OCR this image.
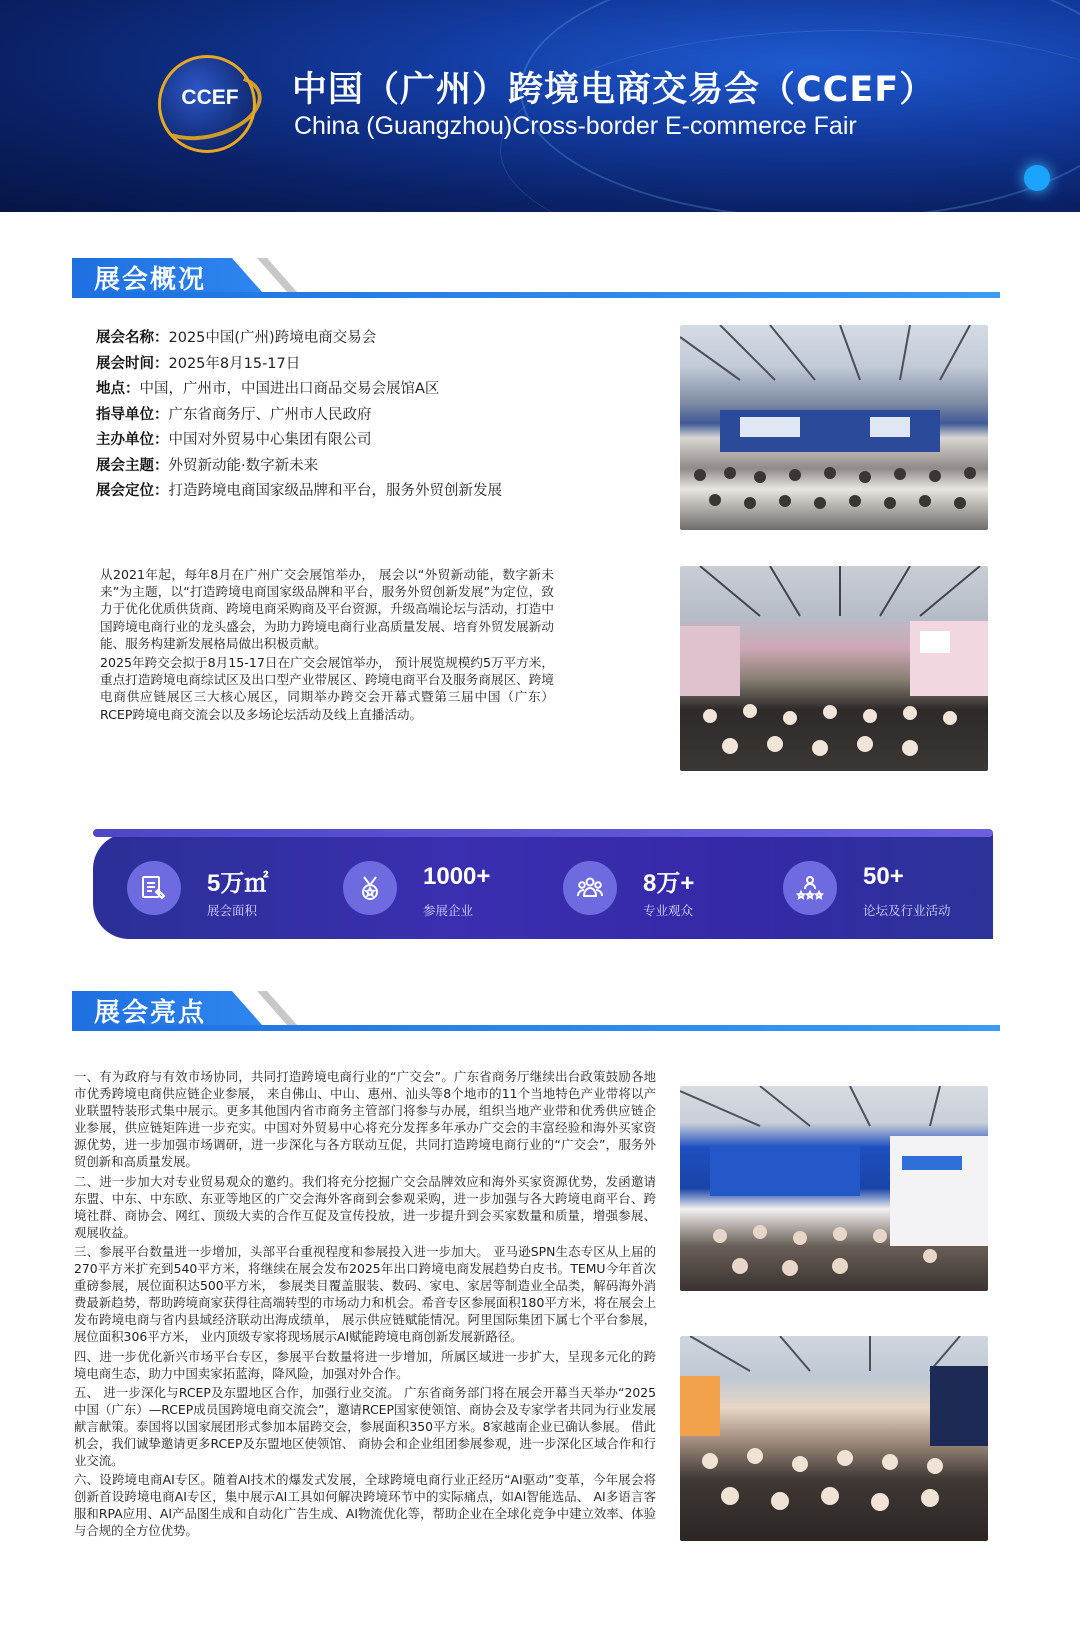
CCEF	中国（广州）跨境电商交易会（CCEF）
China (Guangzhou)Cross-border E-commerce Fair
展会概况
展会名称：2025中国(广州)跨境电商交易会
展会时间：2025年8月15-17日
地点：中国，广州市，中国进出口商品交易会展馆A区
指导单位：广东省商务厅、广州市人民政府
主办单位：中国对外贸易中心集团有限公司
展会主题：外贸新动能·数字新未来
展会定位：打造跨境电商国家级品牌和平台，服务外贸创新发展

从2021年起，每年8月在广州广交会展馆举办， 展会以“外贸新动能，数字新未来”为主题，以“打造跨境电商国家级品牌和平台，服务外贸创新发展”为定位，致力于优化优质供货商、跨境电商采购商及平台资源，升级高端论坛与活动，打造中国跨境电商行业的龙头盛会，为助力跨境电商行业高质量发展、培育外贸发展新动能、服务构建新发展格局做出积极贡献。

2025年跨交会拟于8月15-17日在广交会展馆举办， 预计展览规模约5万平方米，重点打造跨境电商综试区及出口型产业带展区、跨境电商平台及服务商展区、跨境电商供应链展区三大核心展区，同期举办跨交会开幕式暨第三届中国（广东）RCEP跨境电商交流会以及多场论坛活动及线上直播活动。

5万㎡
展会面积
1000+
参展企业
8万+
专业观众
50+
论坛及行业活动
展会亮点

一、有为政府与有效市场协同，共同打造跨境电商行业的“广交会”。广东省商务厅继续出台政策鼓励各地市优秀跨境电商供应链企业参展， 来自佛山、中山、惠州、汕头等8个地市的11个当地特色产业带将以产业联盟特装形式集中展示。更多其他国内省市商务主管部门将参与办展，组织当地产业带和优秀供应链企业参展，供应链矩阵进一步充实。中国对外贸易中心将充分发挥多年承办广交会的丰富经验和海外买家资源优势，进一步加强市场调研，进一步深化与各方联动互促，共同打造跨境电商行业的“广交会”，服务外贸创新和高质量发展。

二、进一步加大对专业贸易观众的邀约。我们将充分挖掘广交会品牌效应和海外买家资源优势，发函邀请东盟、中东、中东欧、东亚等地区的广交会海外客商到会参观采购，进一步加强与各大跨境电商平台、跨境社群、商协会、网红、顶级大卖的合作互促及宣传投放，进一步提升到会买家数量和质量，增强参展、观展收益。

三、参展平台数量进一步增加，头部平台重视程度和参展投入进一步加大。 亚马逊SPN生态专区从上届的270平方米扩充到540平方米，将继续在展会发布2025年出口跨境电商发展趋势白皮书。TEMU今年首次重磅参展，展位面积达500平方米， 参展类目覆盖服装、数码、家电、家居等制造业全品类，解码海外消费最新趋势，帮助跨境商家获得往高端转型的市场动力和机会。希音专区参展面积180平方米，将在展会上发布跨境电商与省内县域经济联动出海成绩单， 展示供应链赋能情况。阿里国际集团下属七个平台参展，展位面积306平方米， 业内顶级专家将现场展示AI赋能跨境电商创新发展新路径。

四、进一步优化新兴市场平台专区，参展平台数量将进一步增加，所属区域进一步扩大，呈现多元化的跨境电商生态，助力中国卖家拓蓝海，降风险，加强对外合作。

五、 进一步深化与RCEP及东盟地区合作，加强行业交流。 广东省商务部门将在展会开幕当天举办“2025中国（广东）—RCEP成员国跨境电商交流会”，邀请RCEP国家使领馆、商协会及专家学者共同为行业发展献言献策。泰国将以国家展团形式参加本届跨交会，参展面积350平方米。8家越南企业已确认参展。 借此机会，我们诚挚邀请更多RCEP及东盟地区使领馆、 商协会和企业组团参展参观，进一步深化区域合作和行业交流。

六、设跨境电商AI专区。随着AI技术的爆发式发展，全球跨境电商行业正经历“AI驱动”变革，今年展会将创新首设跨境电商AI专区，集中展示AI工具如何解决跨境环节中的实际痛点，如AI智能选品、 AI多语言客服和RPA应用、AI产品图生成和自动化广告生成、AI物流优化等，帮助企业在全球化竞争中建立效率、体验与合规的全方位优势。
